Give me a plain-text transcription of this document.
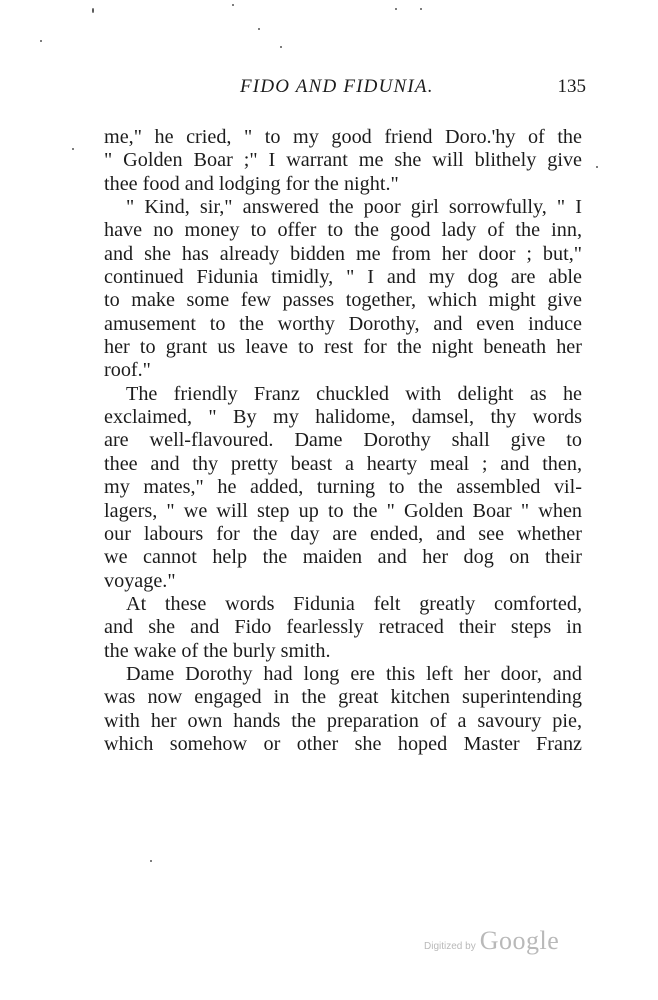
FIDO AND FIDUNIA.	135
me," he cried, " to my good friend Doro.'hy of the
" Golden Boar ;" I warrant me she will blithely give
thee food and lodging for the night."
" Kind, sir," answered the poor girl sorrowfully, " I
have no money to offer to the good lady of the inn,
and she has already bidden me from her door ; but,"
continued Fidunia timidly, " I and my dog are able
to make some few passes together, which might give
amusement to the worthy Dorothy, and even induce
her to grant us leave to rest for the night beneath her
roof."
The friendly Franz chuckled with delight as he
exclaimed, " By my halidome, damsel, thy words
are well-flavoured. Dame Dorothy shall give to
thee and thy pretty beast a hearty meal ; and then,
my mates," he added, turning to the assembled vil-
lagers, " we will step up to the " Golden Boar " when
our labours for the day are ended, and see whether
we cannot help the maiden and her dog on their
voyage."
At these words Fidunia felt greatly comforted,
and she and Fido fearlessly retraced their steps in
the wake of the burly smith.
Dame Dorothy had long ere this left her door, and
was now engaged in the great kitchen superintending
with her own hands the preparation of a savoury pie,
which somehow or other she hoped Master Franz
Digitized by Google
